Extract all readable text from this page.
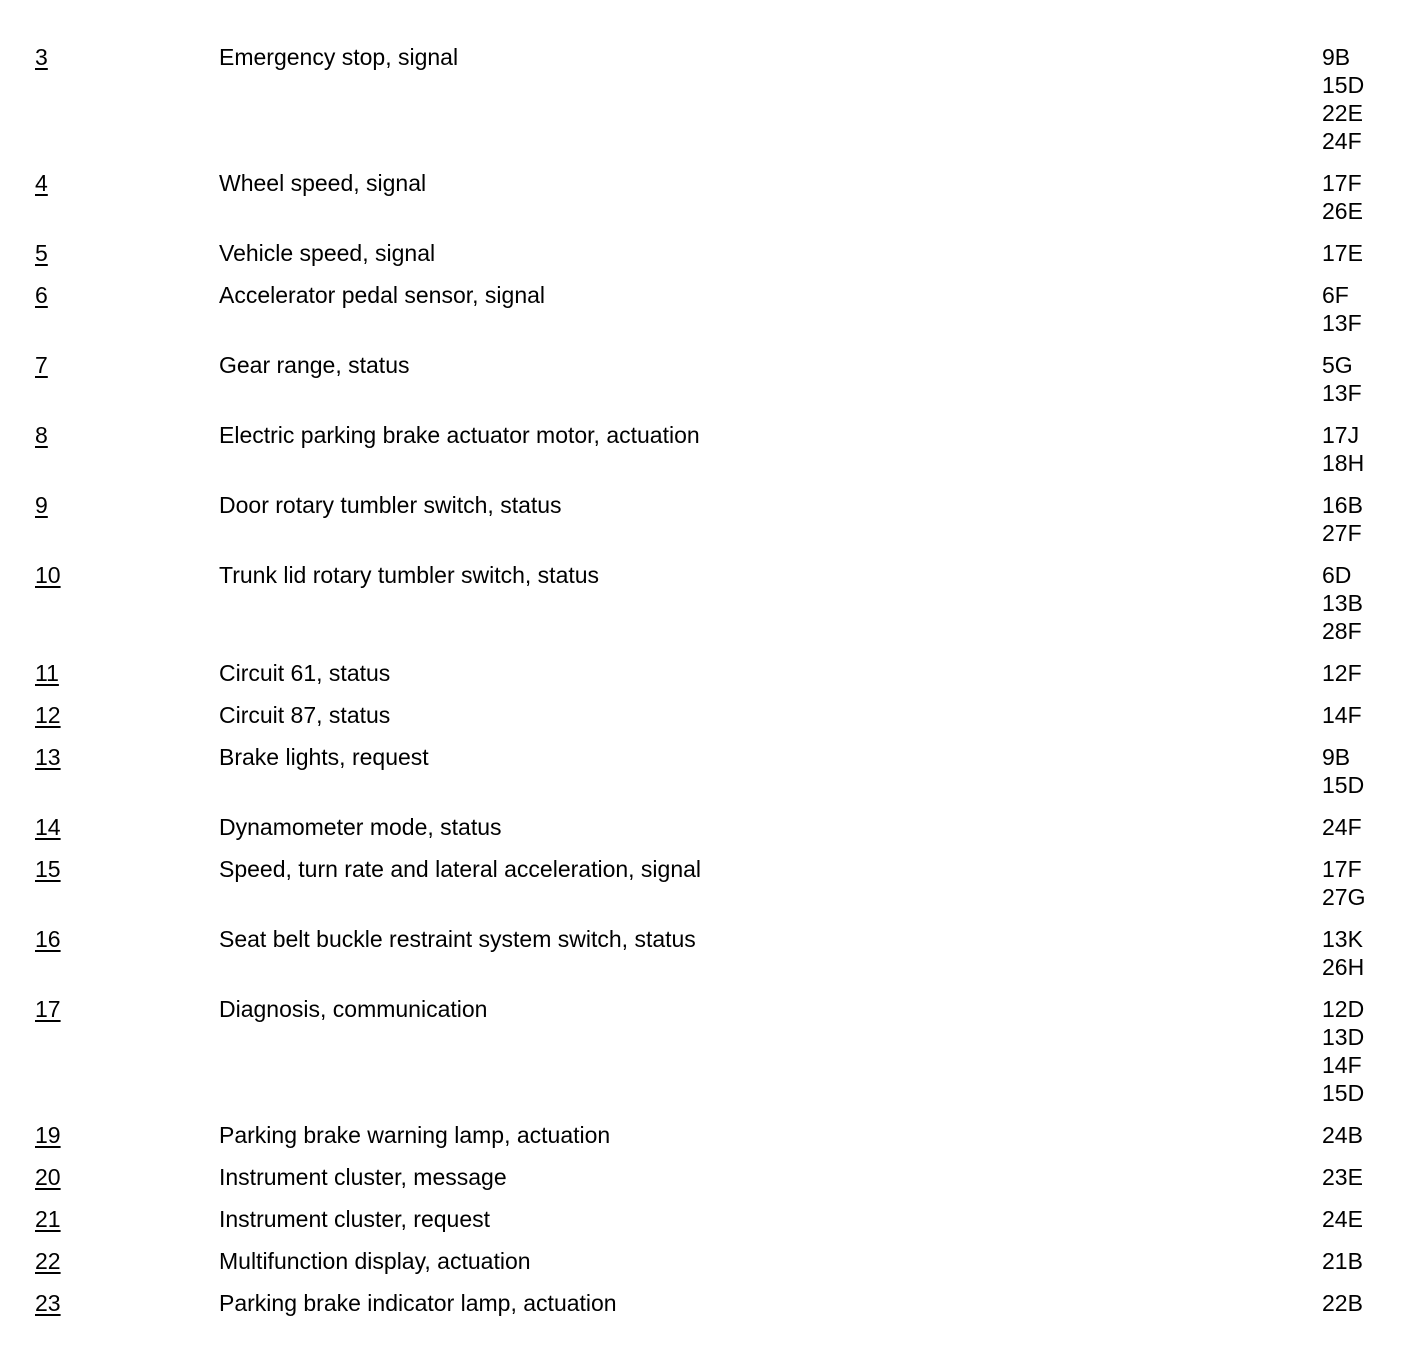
3	Emergency stop, signal	9B
15D
22E
24F
4	Wheel speed, signal	17F
26E
5	Vehicle speed, signal	17E
6	Accelerator pedal sensor, signal	6F
13F
7	Gear range, status	5G
13F
8	Electric parking brake actuator motor, actuation	17J
18H
9	Door rotary tumbler switch, status	16B
27F
10	Trunk lid rotary tumbler switch, status	6D
13B
28F
11	Circuit 61, status	12F
12	Circuit 87, status	14F
13	Brake lights, request	9B
15D
14	Dynamometer mode, status	24F
15	Speed, turn rate and lateral acceleration, signal	17F
27G
16	Seat belt buckle restraint system switch, status	13K
26H
17	Diagnosis, communication	12D
13D
14F
15D
19	Parking brake warning lamp, actuation	24B
20	Instrument cluster, message	23E
21	Instrument cluster, request	24E
22	Multifunction display, actuation	21B
23	Parking brake indicator lamp, actuation	22B
